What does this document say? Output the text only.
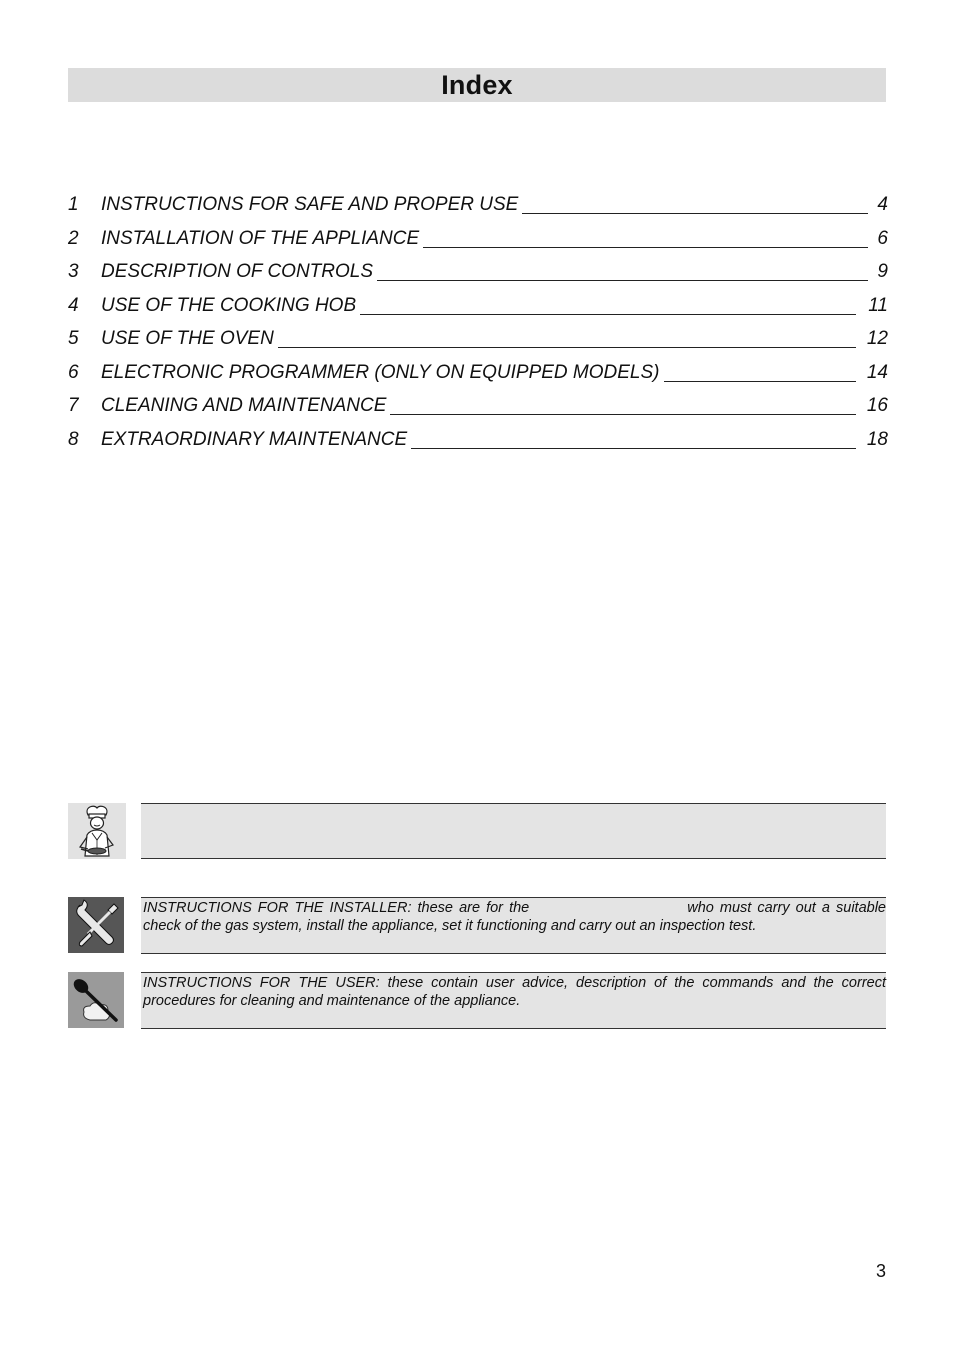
Index
1	INSTRUCTIONS FOR SAFE AND PROPER USE	4
2	INSTALLATION OF THE APPLIANCE	6
3	DESCRIPTION OF CONTROLS	9
4	USE OF THE COOKING HOB	11
5	USE OF THE OVEN	12
6	ELECTRONIC PROGRAMMER (ONLY ON EQUIPPED MODELS)	14
7	CLEANING AND MAINTENANCE	16
8	EXTRAORDINARY MAINTENANCE	18
INSTRUCTIONS FOR THE INSTALLER: these are for the	who must carry out a suitable check of the gas system, install the appliance, set it functioning and carry out an inspection test.
INSTRUCTIONS FOR THE USER: these contain user advice, description of the commands and the correct procedures for cleaning and maintenance of the appliance.
3
